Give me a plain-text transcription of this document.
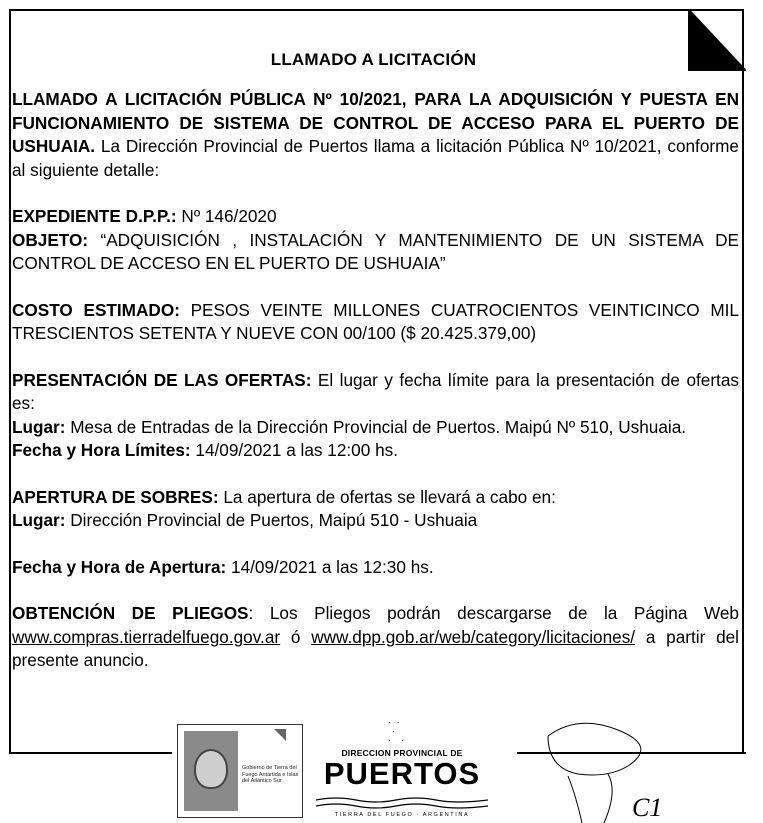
LLAMADO A LICITACIÓN

LLAMADO A LICITACIÓN PÚBLICA Nº 10/2021, PARA LA ADQUISICIÓN Y PUESTA EN FUNCIONAMIENTO DE SISTEMA DE CONTROL DE ACCESO PARA EL PUERTO DE USHUAIA. La Dirección Provincial de Puertos llama a licitación Pública Nº 10/2021, conforme al siguiente detalle:

EXPEDIENTE D.P.P.: Nº 146/2020

OBJETO: “ADQUISICIÓN , INSTALACIÓN Y MANTENIMIENTO DE UN SISTEMA DE CONTROL DE ACCESO EN EL PUERTO DE USHUAIA”

COSTO ESTIMADO: PESOS VEINTE MILLONES CUATROCIENTOS VEINTICINCO MIL TRESCIENTOS SETENTA Y NUEVE CON 00/100 ($ 20.425.379,00)

PRESENTACIÓN DE LAS OFERTAS: El lugar y fecha límite para la presentación de ofertas es:

Lugar: Mesa de Entradas de la Dirección Provincial de Puertos. Maipú Nº 510, Ushuaia.

Fecha y Hora Límites: 14/09/2021 a las 12:00 hs.

APERTURA DE SOBRES: La apertura de ofertas se llevará a cabo en:

Lugar: Dirección Provincial de Puertos, Maipú 510 - Ushuaia

Fecha y Hora de Apertura: 14/09/2021 a las 12:30 hs.

OBTENCIÓN DE PLIEGOS: Los Pliegos podrán descargarse de la Página Web www.compras.tierradelfuego.gov.ar ó www.dpp.gob.ar/web/category/licitaciones/ a partir del presente anuncio.

Gobierno de Tierra del Fuego Antártida e Islas del Atlántico Sur
· ·
·
·  ·
DIRECCION PROVINCIAL DE
PUERTOS
TIERRA DEL FUEGO · ARGENTINA	C1
